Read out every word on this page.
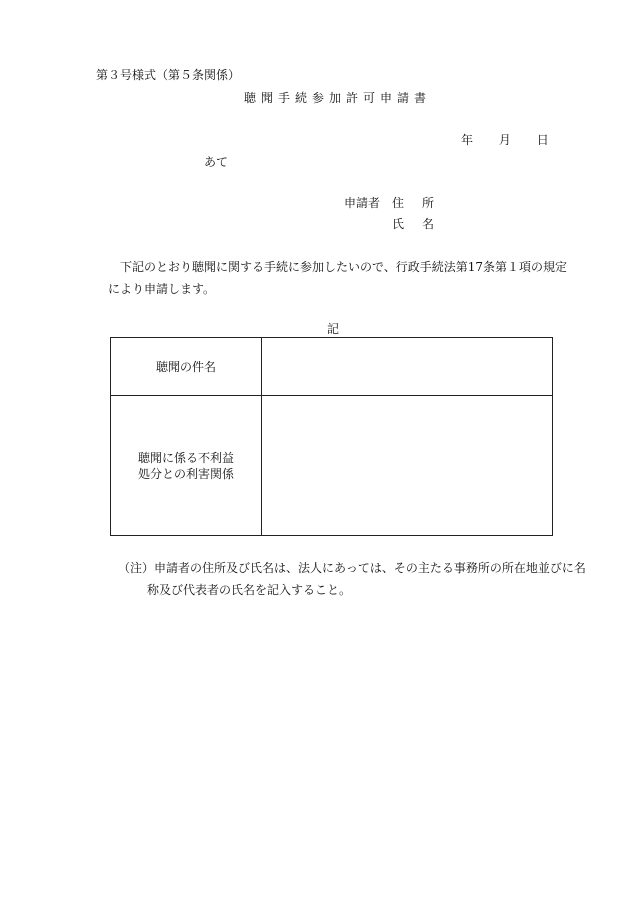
第３号様式（第５条関係）
聴聞手続参加許可申請書
年 月 日
あて
申請者 住所
氏名
下記のとおり聴聞に関する手続に参加したいので、行政手続法第17条第１項の規定により申請します。
記
聴聞の件名	

聴聞に係る不利益
処分との利害関係	

（注）申請者の住所及び氏名は、法人にあっては、その主たる事務所の所在地並びに名
称及び代表者の氏名を記入すること。
